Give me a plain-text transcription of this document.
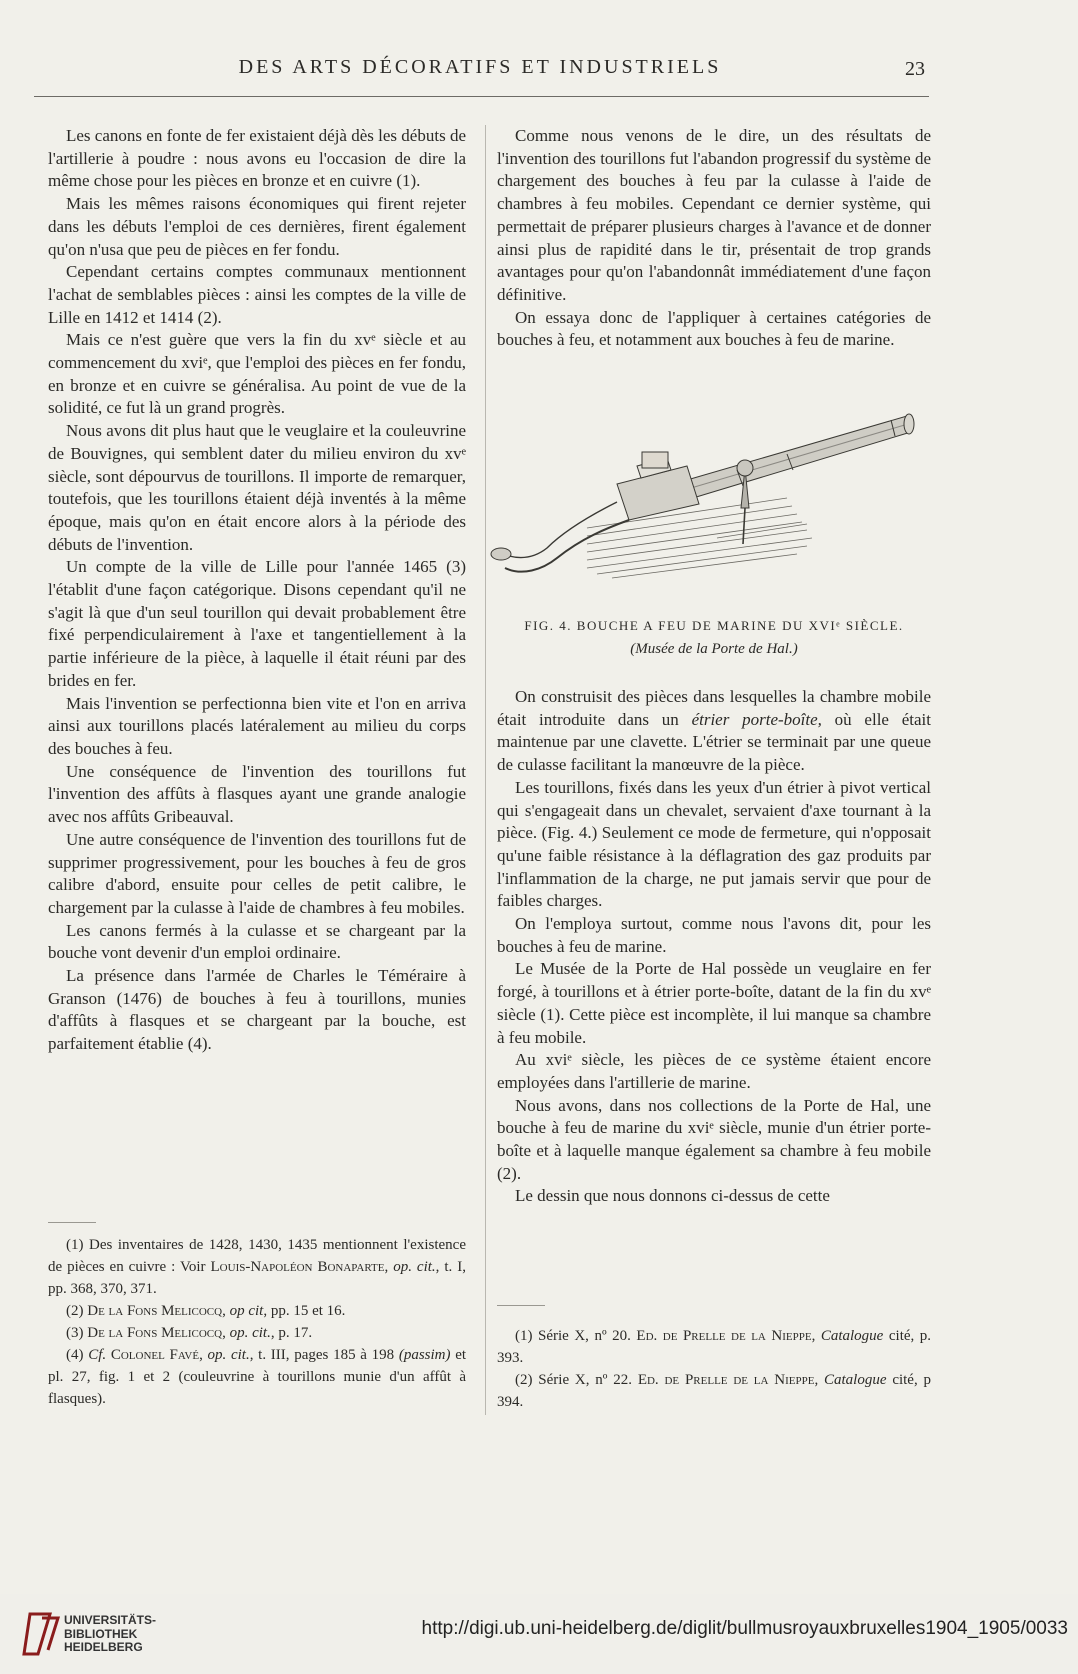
DES ARTS DÉCORATIFS ET INDUSTRIELS	23

Les canons en fonte de fer existaient déjà dès les débuts de l'artillerie à poudre : nous avons eu l'occasion de dire la même chose pour les pièces en bronze et en cuivre (1).

Mais les mêmes raisons économiques qui firent rejeter dans les débuts l'emploi de ces dernières, firent également qu'on n'usa que peu de pièces en fer fondu.

Cependant certains comptes communaux mentionnent l'achat de semblables pièces : ainsi les comptes de la ville de Lille en 1412 et 1414 (2).

Mais ce n'est guère que vers la fin du xvᵉ siècle et au commencement du xviᵉ, que l'emploi des pièces en fer fondu, en bronze et en cuivre se généralisa. Au point de vue de la solidité, ce fut là un grand progrès.

Nous avons dit plus haut que le veuglaire et la couleuvrine de Bouvignes, qui semblent dater du milieu environ du xvᵉ siècle, sont dépourvus de tourillons. Il importe de remarquer, toutefois, que les tourillons étaient déjà inventés à la même époque, mais qu'on en était encore alors à la période des débuts de l'invention.

Un compte de la ville de Lille pour l'année 1465 (3) l'établit d'une façon catégorique. Disons cependant qu'il ne s'agit là que d'un seul tourillon qui devait probablement être fixé perpendiculairement à l'axe et tangentiellement à la partie inférieure de la pièce, à laquelle il était réuni par des brides en fer.

Mais l'invention se perfectionna bien vite et l'on en arriva ainsi aux tourillons placés latéralement au milieu du corps des bouches à feu.

Une conséquence de l'invention des tourillons fut l'invention des affûts à flasques ayant une grande analogie avec nos affûts Gribeauval.

Une autre conséquence de l'invention des tourillons fut de supprimer progressivement, pour les bouches à feu de gros calibre d'abord, ensuite pour celles de petit calibre, le chargement par la culasse à l'aide de chambres à feu mobiles.

Les canons fermés à la culasse et se chargeant par la bouche vont devenir d'un emploi ordinaire.

La présence dans l'armée de Charles le Téméraire à Granson (1476) de bouches à feu à tourillons, munies d'affûts à flasques et se chargeant par la bouche, est parfaitement établie (4).

(1) Des inventaires de 1428, 1430, 1435 mentionnent l'existence de pièces en cuivre : Voir Louis-Napoléon Bonaparte, op. cit., t. I, pp. 368, 370, 371.

(2) De la Fons Melicocq, op cit, pp. 15 et 16.

(3) De la Fons Melicocq, op. cit., p. 17.

(4) Cf. Colonel Favé, op. cit., t. III, pages 185 à 198 (passim) et pl. 27, fig. 1 et 2 (couleuvrine à tourillons munie d'un affût à flasques).

Comme nous venons de le dire, un des résultats de l'invention des tourillons fut l'abandon progressif du système de chargement des bouches à feu par la culasse à l'aide de chambres à feu mobiles. Cependant ce dernier système, qui permettait de préparer plusieurs charges à l'avance et de donner ainsi plus de rapidité dans le tir, présentait de trop grands avantages pour qu'on l'abandonnât immédiatement d'une façon définitive.

On essaya donc de l'appliquer à certaines catégories de bouches à feu, et notamment aux bouches à feu de marine.

FIG. 4. BOUCHE A FEU DE MARINE DU XVIᵉ SIÈCLE.
(Musée de la Porte de Hal.)

On construisit des pièces dans lesquelles la chambre mobile était introduite dans un étrier porte-boîte, où elle était maintenue par une clavette. L'étrier se terminait par une queue de culasse facilitant la manœuvre de la pièce.

Les tourillons, fixés dans les yeux d'un étrier à pivot vertical qui s'engageait dans un chevalet, servaient d'axe tournant à la pièce. (Fig. 4.) Seulement ce mode de fermeture, qui n'opposait qu'une faible résistance à la déflagration des gaz produits par l'inflammation de la charge, ne put jamais servir que pour de faibles charges.

On l'employa surtout, comme nous l'avons dit, pour les bouches à feu de marine.

Le Musée de la Porte de Hal possède un veuglaire en fer forgé, à tourillons et à étrier porte-boîte, datant de la fin du xvᵉ siècle (1). Cette pièce est incomplète, il lui manque sa chambre à feu mobile.

Au xviᵉ siècle, les pièces de ce système étaient encore employées dans l'artillerie de marine.

Nous avons, dans nos collections de la Porte de Hal, une bouche à feu de marine du xviᵉ siècle, munie d'un étrier porte-boîte et à laquelle manque également sa chambre à feu mobile (2).

Le dessin que nous donnons ci-dessus de cette

(1) Série X, nº 20. Ed. de Prelle de la Nieppe, Catalogue cité, p. 393.

(2) Série X, nº 22. Ed. de Prelle de la Nieppe, Catalogue cité, p 394.

UNIVERSITÄTS-
BIBLIOTHEK
HEIDELBERG
http://digi.ub.uni-heidelberg.de/diglit/bullmusroyauxbruxelles1904_1905/0033
